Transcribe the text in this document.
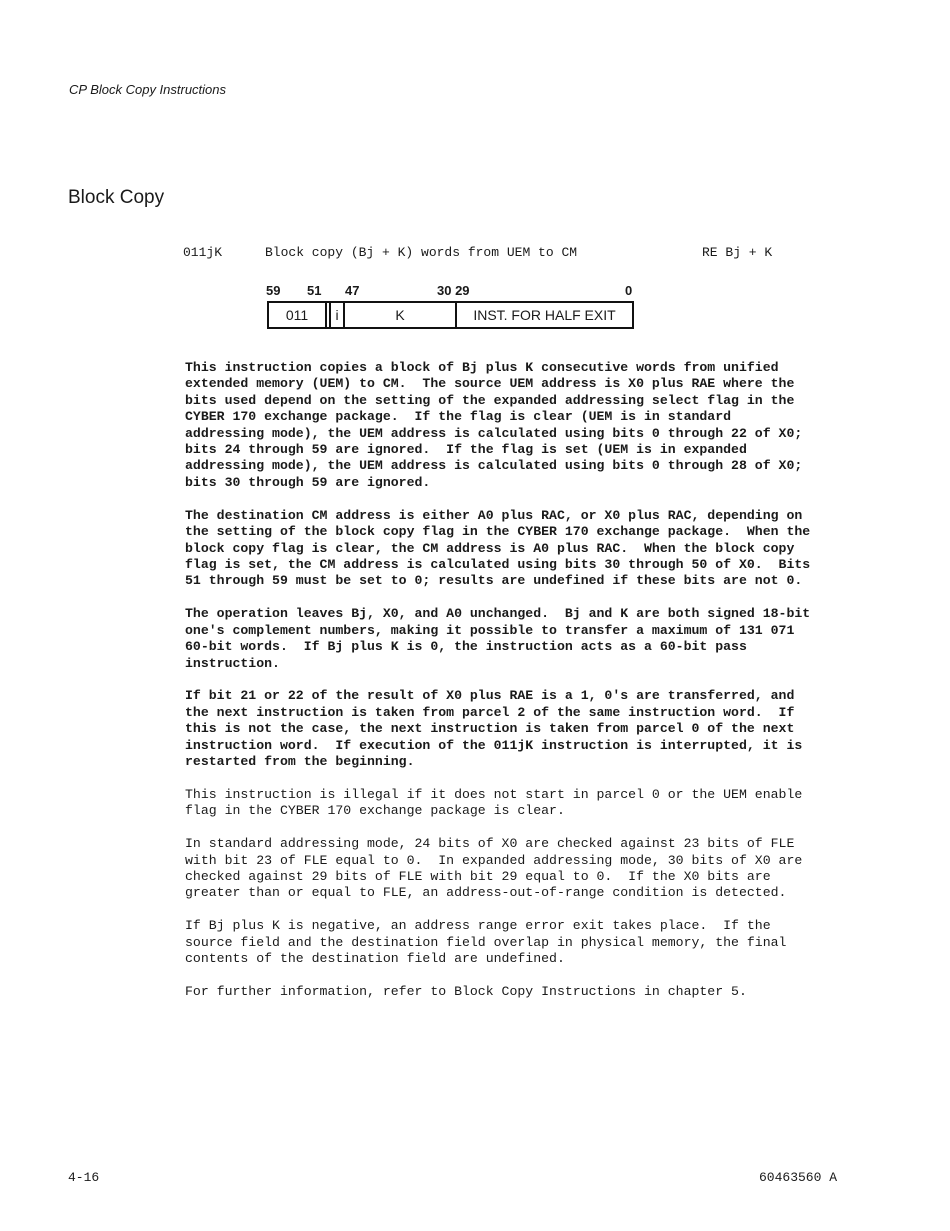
CP Block Copy Instructions
Block Copy
011jK	Block copy (Bj + K) words from UEM to CM	RE Bj + K
59 51 47	30 29	0
011	i	K	INST. FOR HALF EXIT

This instruction copies a block of Bj plus K consecutive words from unified
extended memory (UEM) to CM.  The source UEM address is X0 plus RAE where the
bits used depend on the setting of the expanded addressing select flag in the
CYBER 170 exchange package.  If the flag is clear (UEM is in standard
addressing mode), the UEM address is calculated using bits 0 through 22 of X0;
bits 24 through 59 are ignored.  If the flag is set (UEM is in expanded
addressing mode), the UEM address is calculated using bits 0 through 28 of X0;
bits 30 through 59 are ignored.

The destination CM address is either A0 plus RAC, or X0 plus RAC, depending on
the setting of the block copy flag in the CYBER 170 exchange package.  When the
block copy flag is clear, the CM address is A0 plus RAC.  When the block copy
flag is set, the CM address is calculated using bits 30 through 50 of X0.  Bits
51 through 59 must be set to 0; results are undefined if these bits are not 0.

The operation leaves Bj, X0, and A0 unchanged.  Bj and K are both signed 18-bit
one's complement numbers, making it possible to transfer a maximum of 131 071
60-bit words.  If Bj plus K is 0, the instruction acts as a 60-bit pass
instruction.

If bit 21 or 22 of the result of X0 plus RAE is a 1, 0's are transferred, and
the next instruction is taken from parcel 2 of the same instruction word.  If
this is not the case, the next instruction is taken from parcel 0 of the next
instruction word.  If execution of the 011jK instruction is interrupted, it is
restarted from the beginning.

This instruction is illegal if it does not start in parcel 0 or the UEM enable
flag in the CYBER 170 exchange package is clear.

In standard addressing mode, 24 bits of X0 are checked against 23 bits of FLE
with bit 23 of FLE equal to 0.  In expanded addressing mode, 30 bits of X0 are
checked against 29 bits of FLE with bit 29 equal to 0.  If the X0 bits are
greater than or equal to FLE, an address-out-of-range condition is detected.

If Bj plus K is negative, an address range error exit takes place.  If the
source field and the destination field overlap in physical memory, the final
contents of the destination field are undefined.

For further information, refer to Block Copy Instructions in chapter 5.

4-16	60463560 A
